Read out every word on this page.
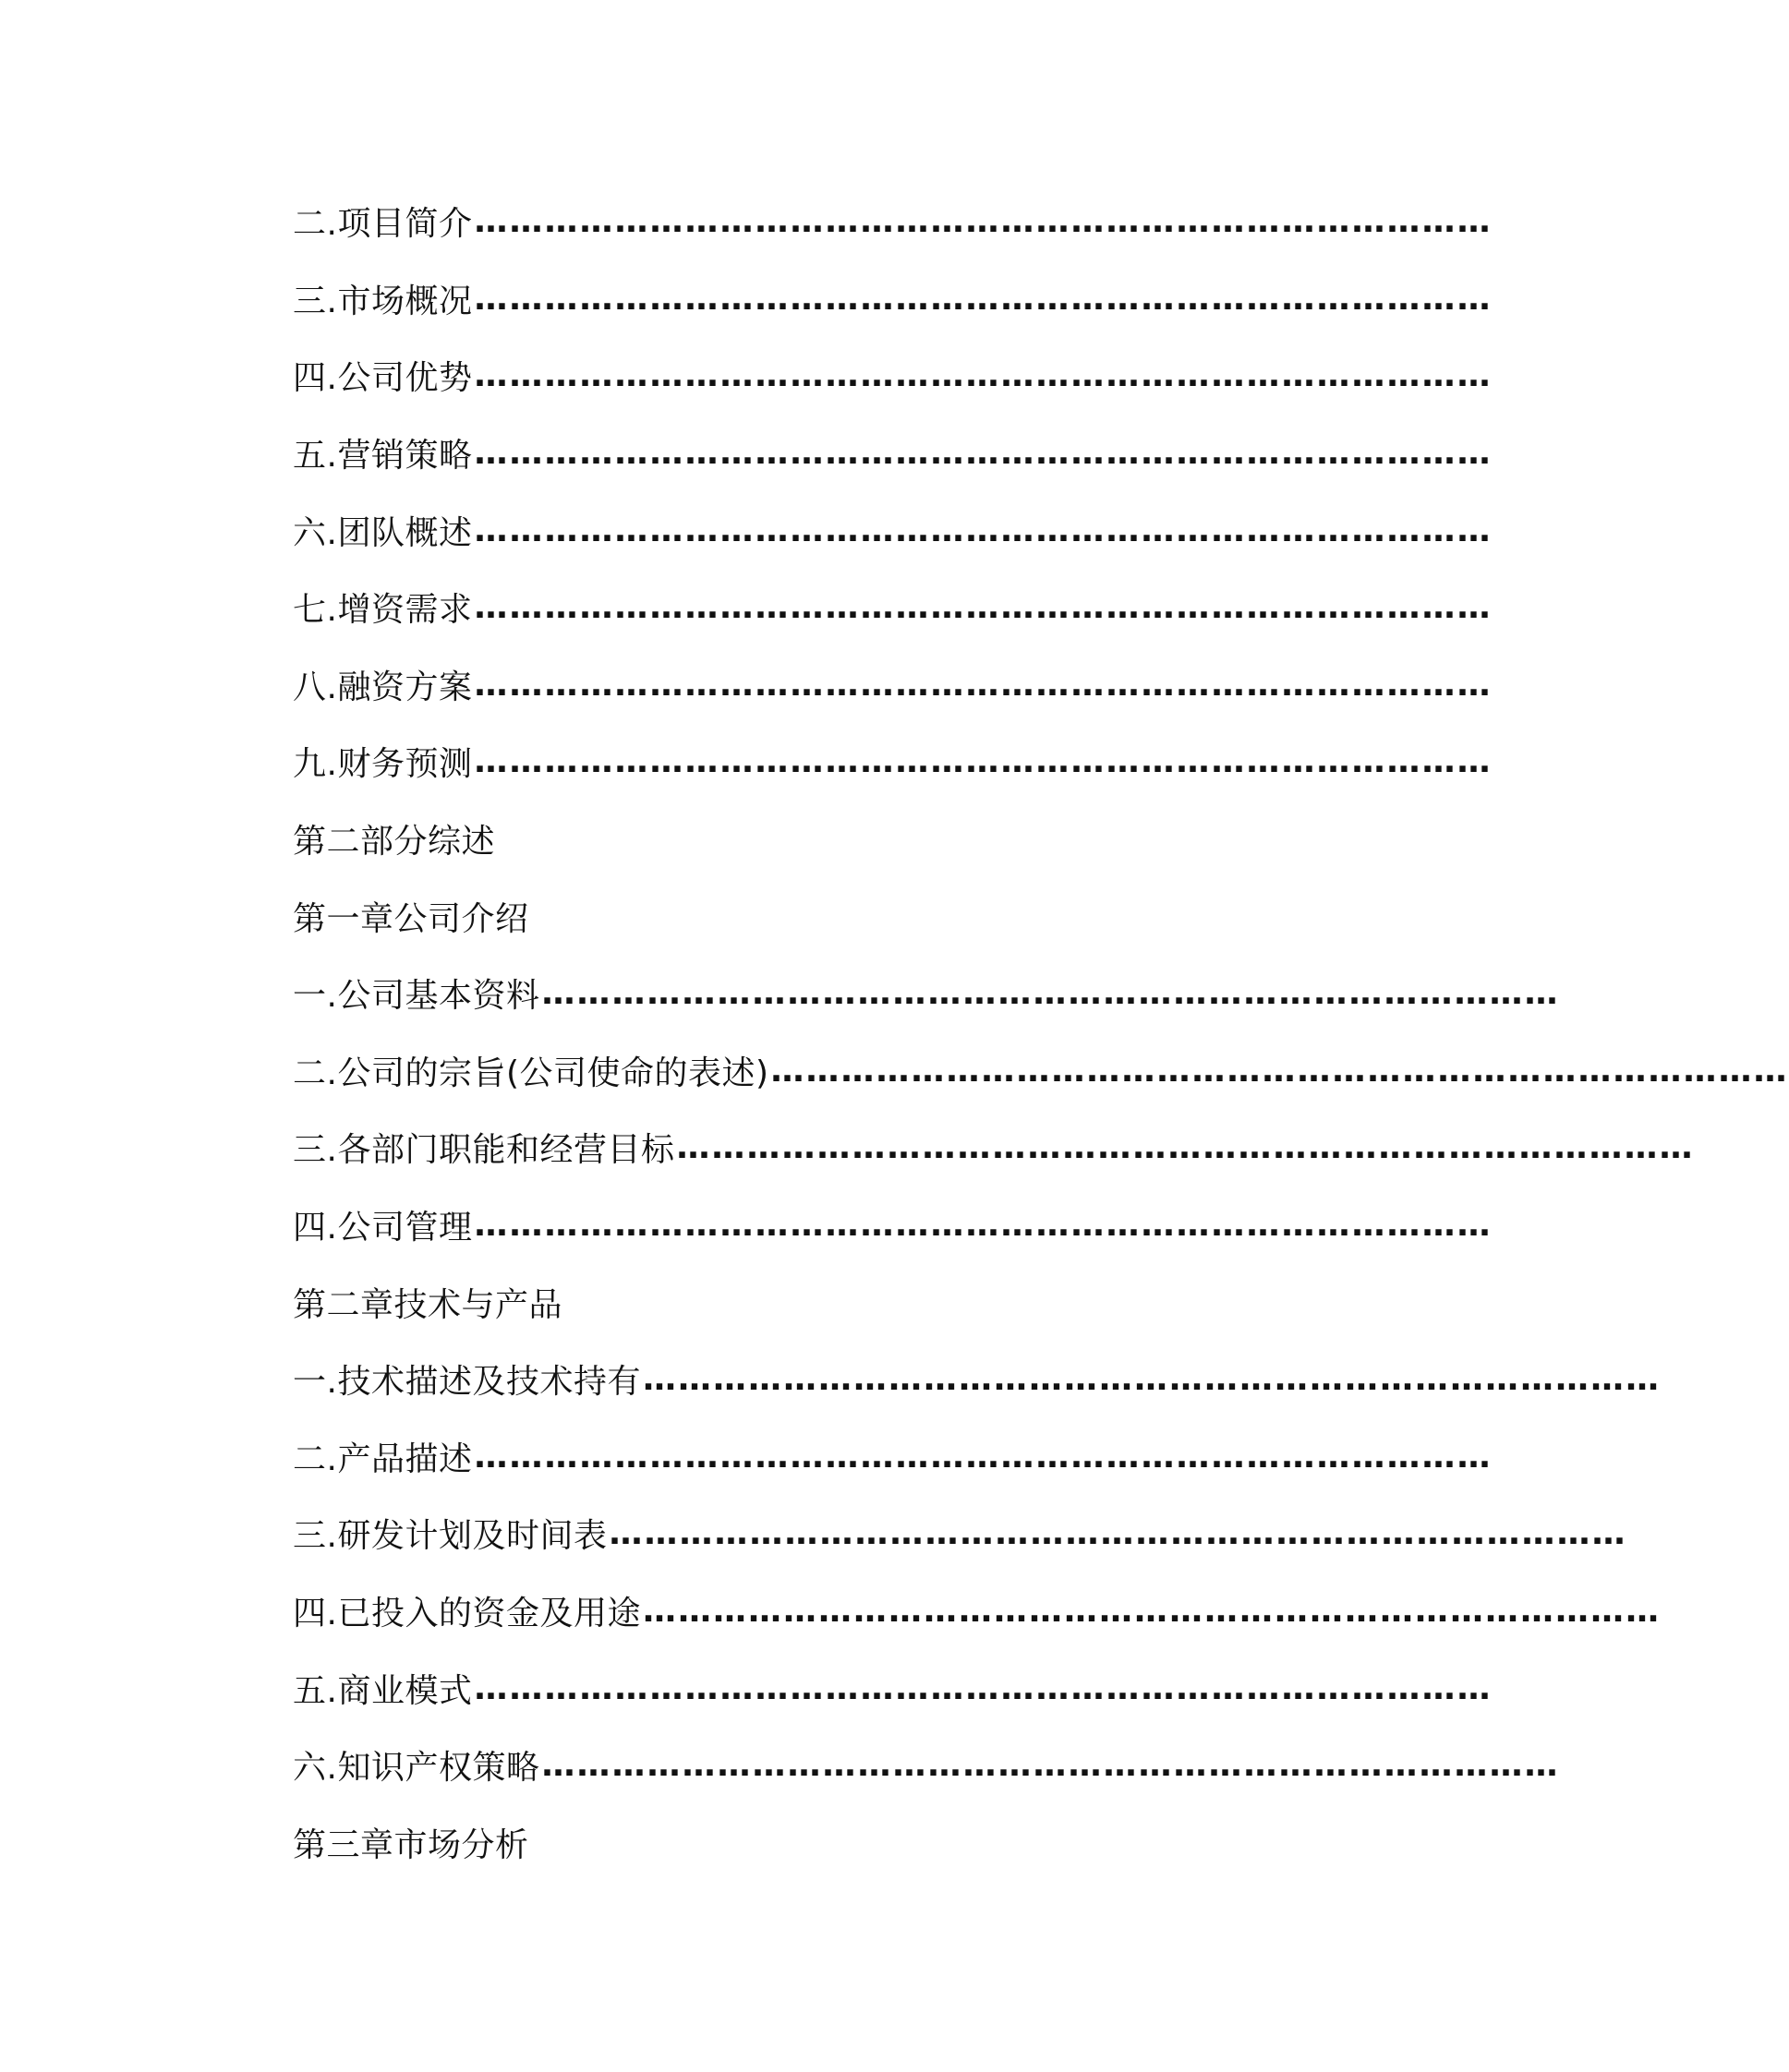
二.项目简介 ……………………………………………………………………………
三.市场概况 ……………………………………………………………………………
四.公司优势 ……………………………………………………………………………
五.营销策略 ……………………………………………………………………………
六.团队概述 ……………………………………………………………………………
七.增资需求 ……………………………………………………………………………
八.融资方案 ……………………………………………………………………………
九.财务预测 ……………………………………………………………………………
第二部分综述
第一章公司介绍
一.公司基本资料 ……………………………………………………………………………
二.公司的宗旨(公司使命的表述) ……………………………………………………………………………
三.各部门职能和经营目标 ……………………………………………………………………………
四.公司管理 ……………………………………………………………………………
第二章技术与产品
一.技术描述及技术持有 ……………………………………………………………………………
二.产品描述 ……………………………………………………………………………
三.研发计划及时间表 ……………………………………………………………………………
四.已投入的资金及用途 ……………………………………………………………………………
五.商业模式 ……………………………………………………………………………
六.知识产权策略 ……………………………………………………………………………
第三章市场分析
